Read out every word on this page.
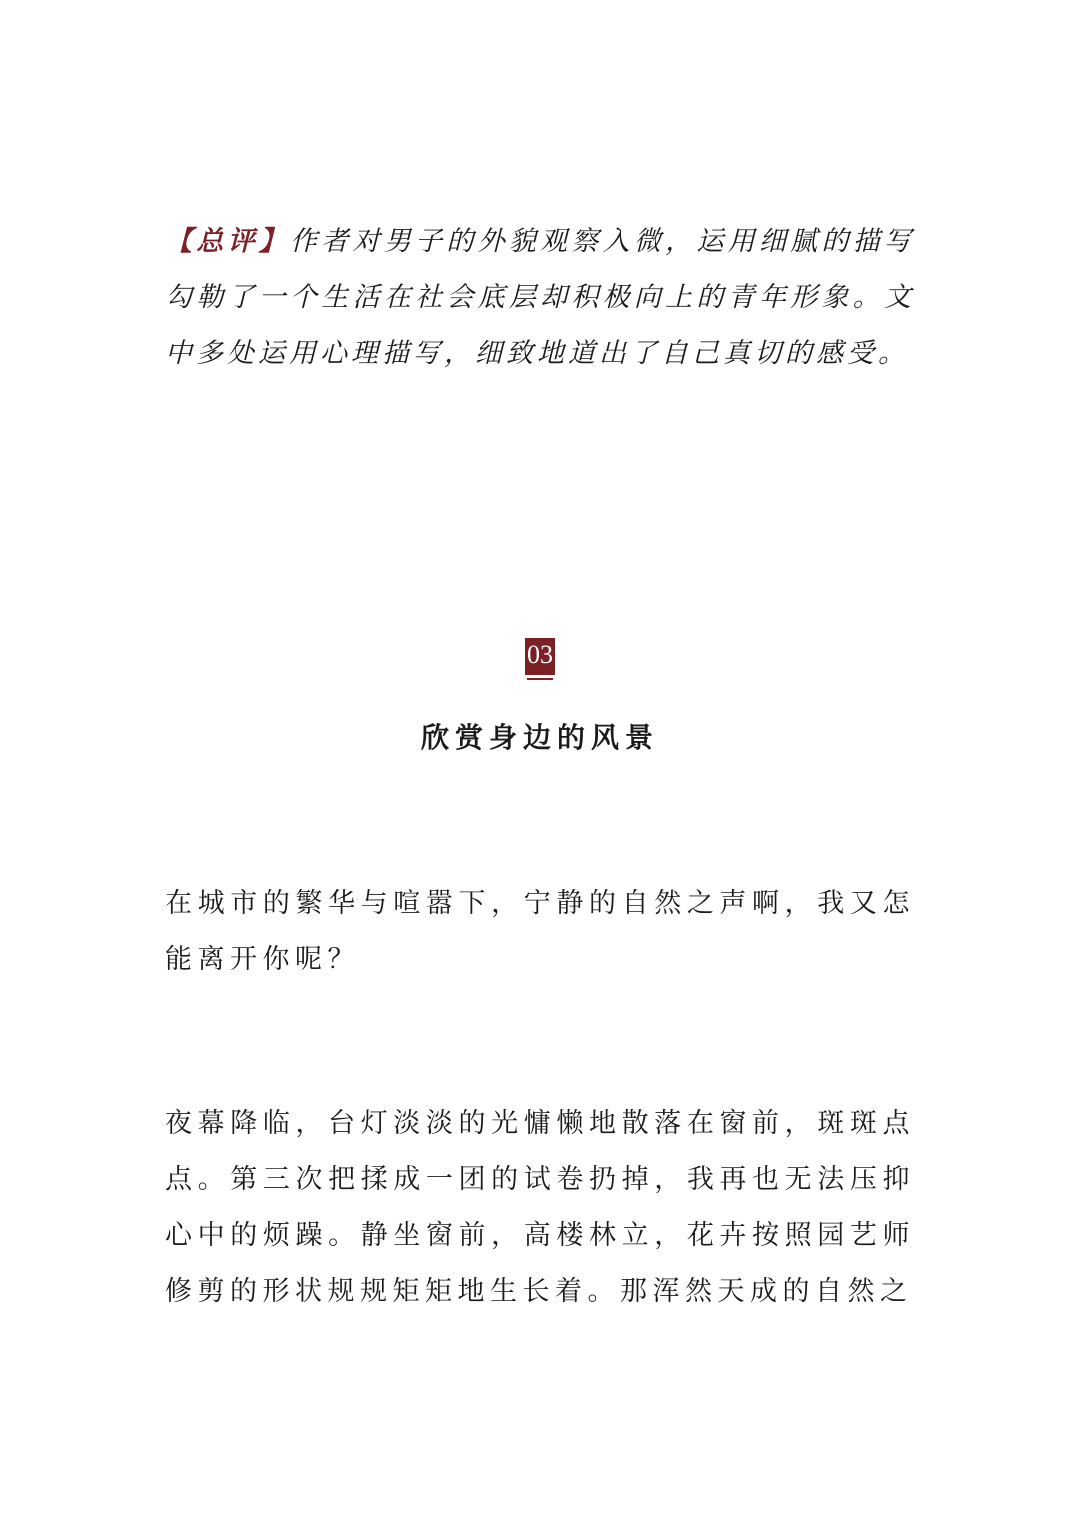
【总评】作者对男子的外貌观察入微，运用细腻的描写勾勒了一个生活在社会底层却积极向上的青年形象。文中多处运用心理描写，细致地道出了自己真切的感受。

03
欣赏身边的风景

在城市的繁华与喧嚣下，宁静的自然之声啊，我又怎能离开你呢？

夜幕降临，台灯淡淡的光慵懒地散落在窗前，斑斑点点。第三次把揉成一团的试卷扔掉，我再也无法压抑心中的烦躁。静坐窗前，高楼林立，花卉按照园艺师修剪的形状规规矩矩地生长着。那浑然天成的自然之
